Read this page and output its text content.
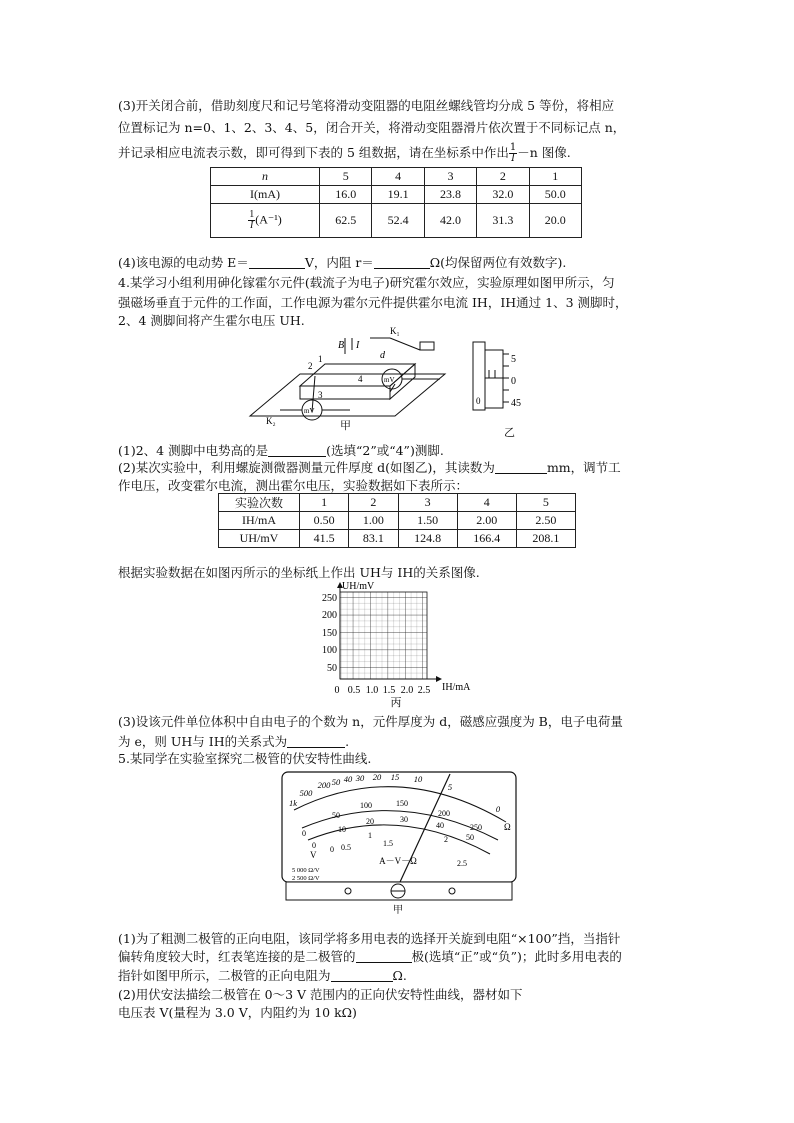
(3)开关闭合前，借助刻度尺和记号笔将滑动变阻器的电阻丝螺线管均分成 5 等份，将相应
位置标记为 n=0、1、2、3、4、5，闭合开关，将滑动变阻器滑片依次置于不同标记点 n，
并记录相应电流表示数，即可得到下表的 5 组数据，请在坐标系中作出 $\frac{1}{I} -n$ 图像.
n	5	4	3	2	1
I(mA)	16.0	19.1	23.8	32.0	50.0

$\frac{1}{I} (A^{-1})$	62.5	52.4	42.0	31.3	20.0
(4)该电源的电动势 E＝	V，内阻 r＝	Ω(均保留两位有效数字).
4.某学习小组利用砷化镓霍尔元件(载流子为电子)研究霍尔效应，实验原理如图甲所示，匀
强磁场垂直于元件的工作面，工作电源为霍尔元件提供霍尔电流 IH，IH通过 1、3 测脚时，
2、4 测脚间将产生霍尔电压 UH.
B I
d
1
2
3
4
K₁
K₂
mV
mV
甲
5
0
45
0
乙
(1)2、4 测脚中电势高的是	(选填“2”或“4”)测脚.
(2)某次实验中，利用螺旋测微器测量元件厚度 d(如图乙)，其读数为	mm，调节工
作电压，改变霍尔电流，测出霍尔电压，实验数据如下表所示：
实验次数	1	2	3	4	5
IH/mA	0.50	1.00	1.50	2.00	2.50
UH/mV	41.5	83.1	124.8	166.4	208.1
根据实验数据在如图丙所示的坐标纸上作出 UH与 IH的关系图像.
UH/mV
IH/mA
250
200
150
100
50
0 0.5 1.0 1.5 2.0 2.5
丙
(3)设该元件单位体积中自由电子的个数为 n，元件厚度为 d，磁感应强度为 B，电子电荷量
为 e，则 UH与 IH的关系式为	.
5.某同学在实验室探究二极管的伏安特性曲线.
1k
500
200 50 40 30 20 15 10
5
0
0
50
100	150
200
250
0
10
20	30
40
50
0 0.5
1
1.5	2
2.5
Ω
V
A－V－Ω
5 000 Ω/V
2 500 Ω/V
甲
(1)为了粗测二极管的正向电阻，该同学将多用电表的选择开关旋到电阻“×100”挡，当指针
偏转角度较大时，红表笔连接的是二极管的	极(选填“正”或“负”)；此时多用电表的
指针如图甲所示，二极管的正向电阻为	Ω.
(2)用伏安法描绘二极管在 0～3 V 范围内的正向伏安特性曲线，器材如下
电压表 V(量程为 3.0 V，内阻约为 10 kΩ)
